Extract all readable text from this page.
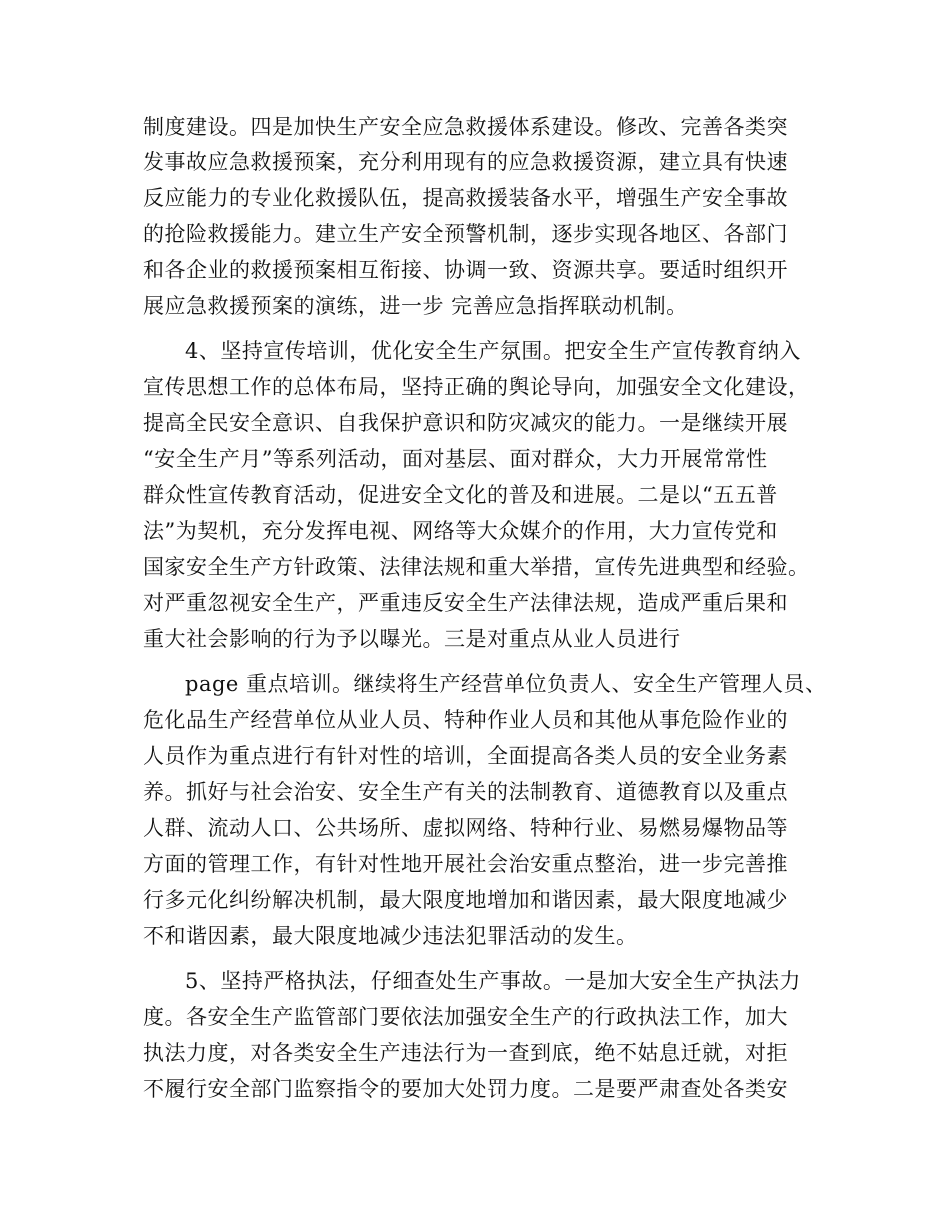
制度建设。四是加快生产安全应急救援体系建设。修改、完善各类突
发事故应急救援预案，充分利用现有的应急救援资源，建立具有快速
反应能力的专业化救援队伍，提高救援装备水平，增强生产安全事故
的抢险救援能力。建立生产安全预警机制，逐步实现各地区、各部门
和各企业的救援预案相互衔接、协调一致、资源共享。要适时组织开
展应急救援预案的演练，进一步 完善应急指挥联动机制。
4、坚持宣传培训，优化安全生产氛围。把安全生产宣传教育纳入
宣传思想工作的总体布局，坚持正确的舆论导向，加强安全文化建设，
提高全民安全意识、自我保护意识和防灾减灾的能力。一是继续开展
“安全生产月”等系列活动，面对基层、面对群众，大力开展常常性
群众性宣传教育活动，促进安全文化的普及和进展。二是以“五五普
法”为契机，充分发挥电视、网络等大众媒介的作用，大力宣传党和
国家安全生产方针政策、法律法规和重大举措，宣传先进典型和经验。
对严重忽视安全生产，严重违反安全生产法律法规，造成严重后果和
重大社会影响的行为予以曝光。三是对重点从业人员进行
page 重点培训。继续将生产经营单位负责人、安全生产管理人员、
危化品生产经营单位从业人员、特种作业人员和其他从事危险作业的
人员作为重点进行有针对性的培训，全面提高各类人员的安全业务素
养。抓好与社会治安、安全生产有关的法制教育、道德教育以及重点
人群、流动人口、公共场所、虚拟网络、特种行业、易燃易爆物品等
方面的管理工作，有针对性地开展社会治安重点整治，进一步完善推
行多元化纠纷解决机制，最大限度地增加和谐因素，最大限度地减少
不和谐因素，最大限度地减少违法犯罪活动的发生。
5、坚持严格执法，仔细查处生产事故。一是加大安全生产执法力
度。各安全生产监管部门要依法加强安全生产的行政执法工作，加大
执法力度，对各类安全生产违法行为一查到底，绝不姑息迁就，对拒
不履行安全部门监察指令的要加大处罚力度。二是要严肃查处各类安
